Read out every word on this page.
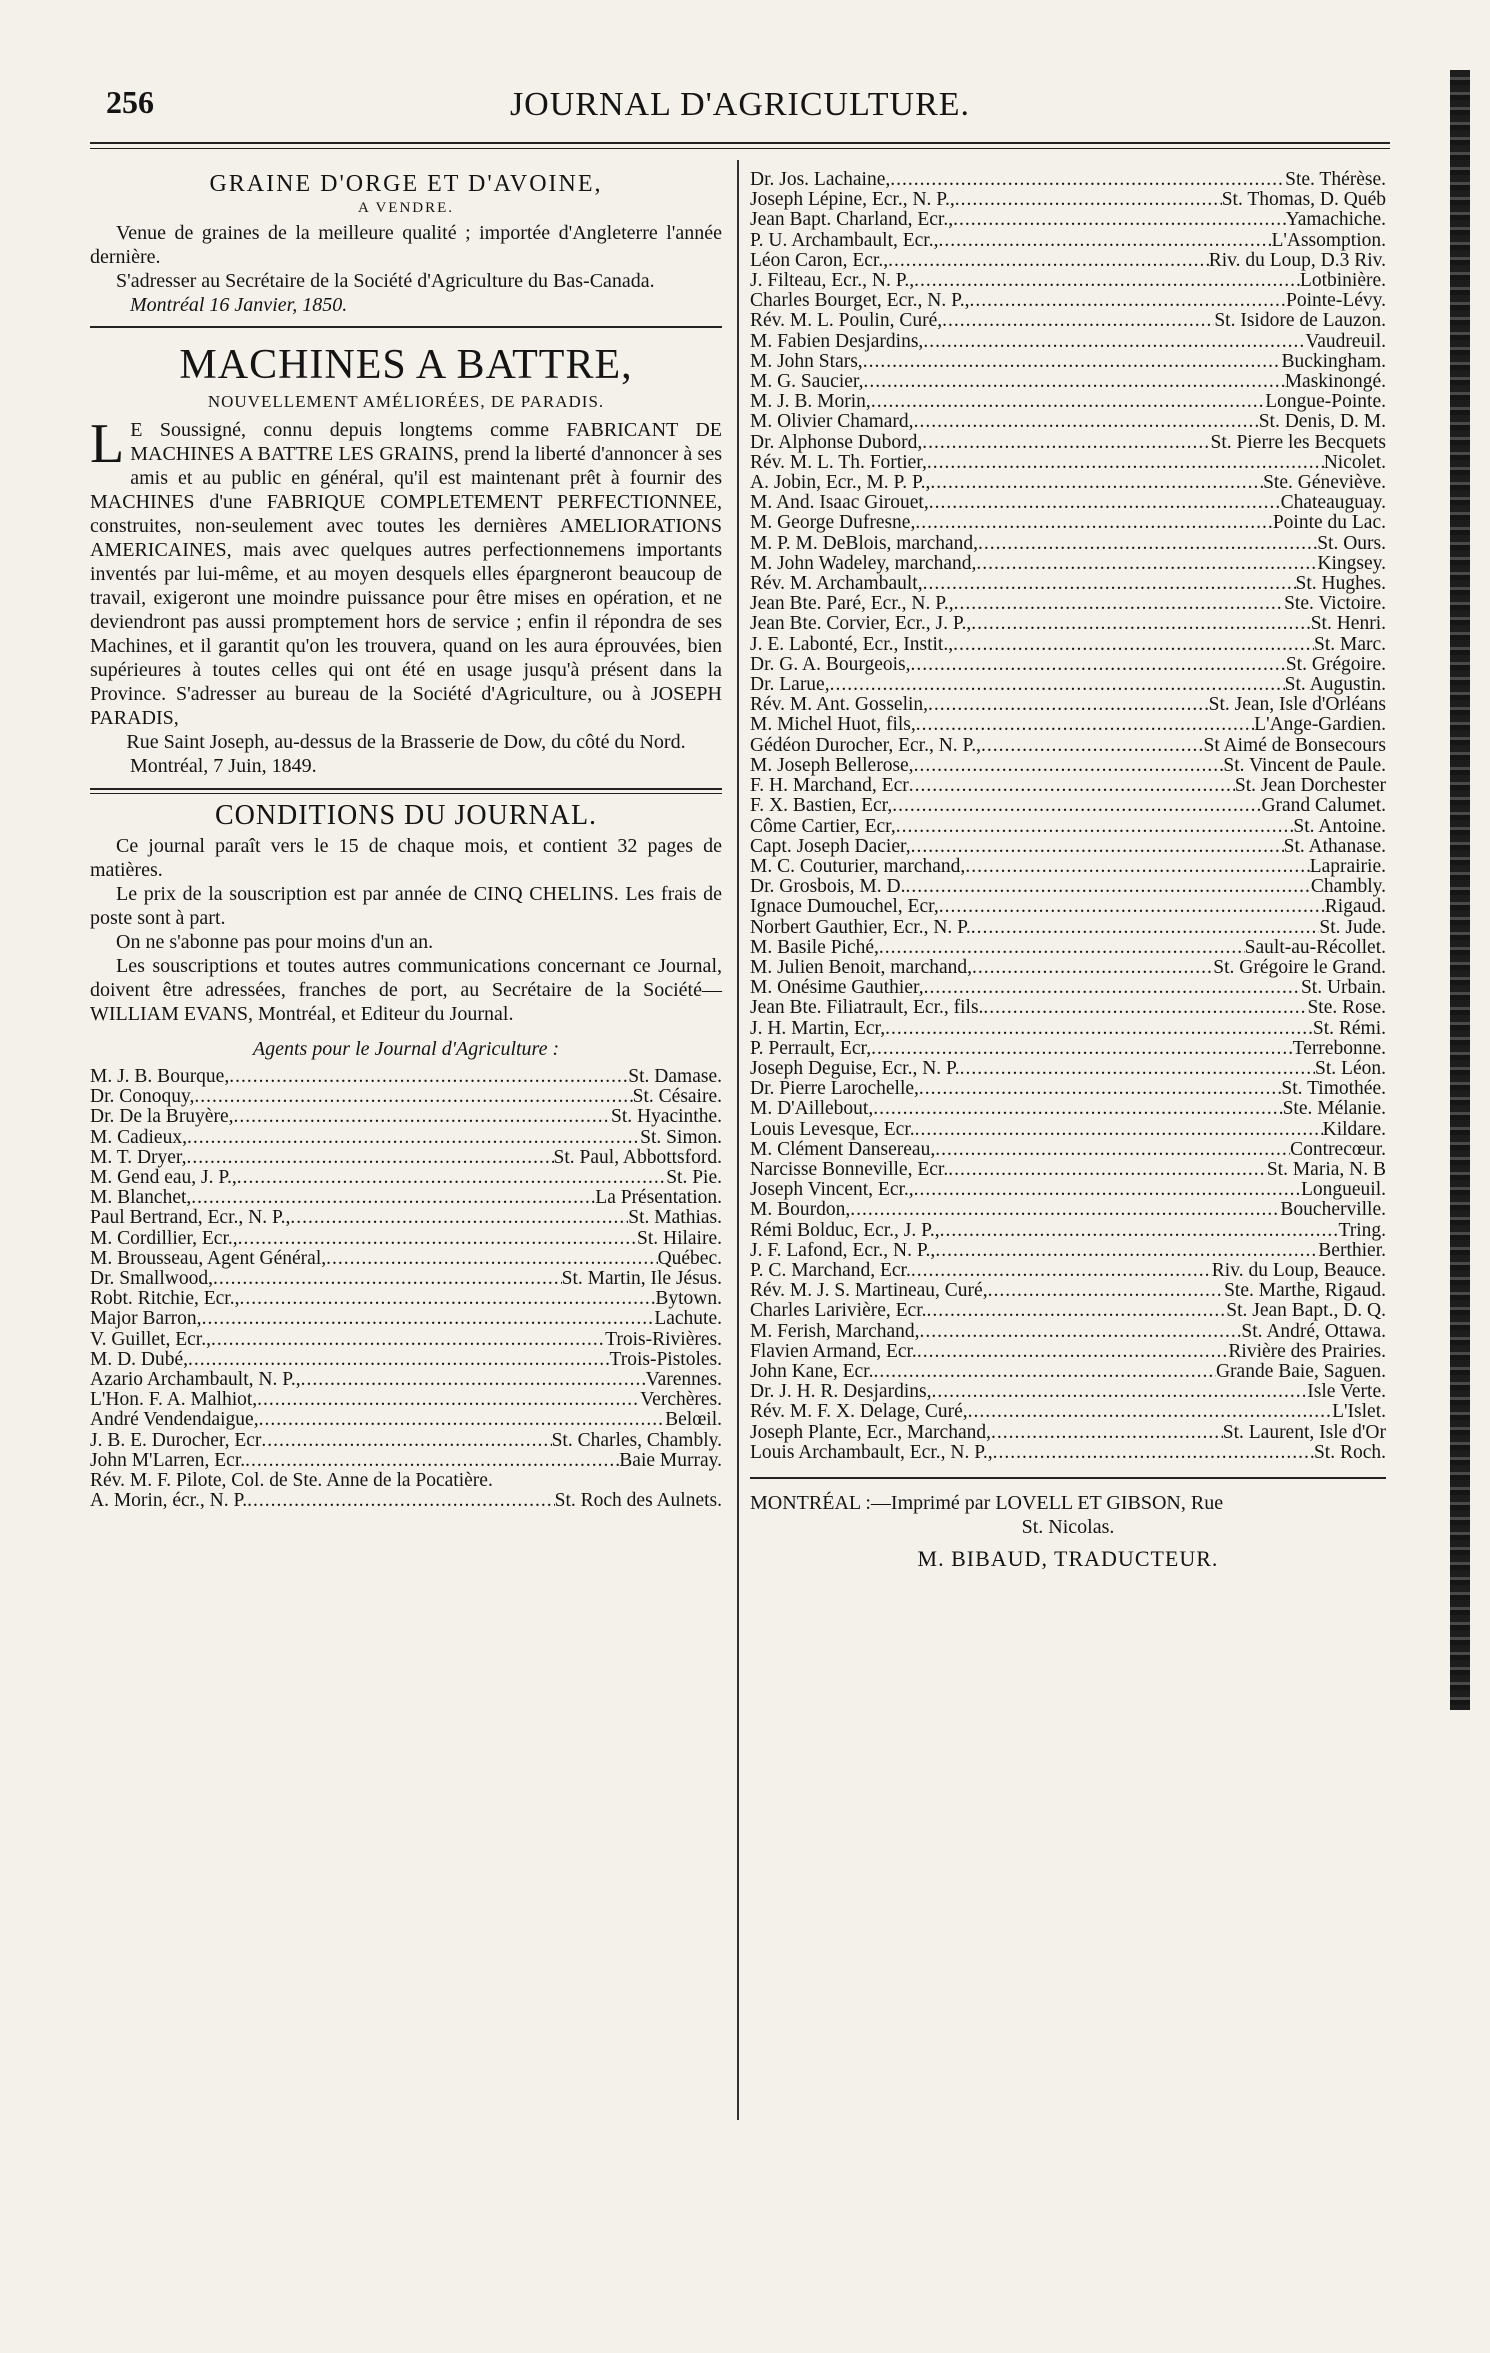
256	JOURNAL D'AGRICULTURE.
GRAINE D'ORGE ET D'AVOINE,
A VENDRE.

Venue de graines de la meilleure qualité ; importée d'Angleterre l'année dernière.

S'adresser au Secrétaire de la Société d'Agriculture du Bas-Canada.

Montréal 16 Janvier, 1850.
MACHINES A BATTRE,
NOUVELLEMENT AMÉLIORÉES, DE PARADIS.

L E Soussigné, connu depuis longtems comme FABRICANT DE MACHINES A BATTRE LES GRAINS, prend la liberté d'annoncer à ses amis et au public en général, qu'il est maintenant prêt à fournir des MACHINES d'une FABRIQUE COMPLETEMENT PERFECTIONNEE, construites, non-seulement avec toutes les dernières AMELIORATIONS AMERICAINES, mais avec quelques autres perfectionnemens importants inventés par lui-même, et au moyen desquels elles épargneront beaucoup de travail, exigeront une moindre puissance pour être mises en opération, et ne deviendront pas aussi promptement hors de service ; enfin il répondra de ses Machines, et il garantit qu'on les trouvera, quand on les aura éprouvées, bien supérieures à toutes celles qui ont été en usage jusqu'à présent dans la Province. S'adresser au bureau de la Société d'Agriculture, ou à JOSEPH PARADIS,

Rue Saint Joseph, au-dessus de la Brasserie de Dow, du côté du Nord.
Montréal, 7 Juin, 1849.
CONDITIONS DU JOURNAL.

Ce journal paraît vers le 15 de chaque mois, et contient 32 pages de matières.

Le prix de la souscription est par année de CINQ CHELINS. Les frais de poste sont à part.

On ne s'abonne pas pour moins d'un an.

Les souscriptions et toutes autres communications concernant ce Journal, doivent être adressées, franches de port, au Secrétaire de la Société—WILLIAM EVANS, Montréal, et Editeur du Journal.

Agents pour le Journal d'Agriculture :
M. J. B. Bourque, .....	St. Damase.
Dr. Conoquy, .....	St. Césaire.
Dr. De la Bruyère, .....	St. Hyacinthe.
M. Cadieux, .....	St. Simon.
M. T. Dryer, .....	St. Paul, Abbottsford.
M. Gend eau, J. P., .....	St. Pie.
M. Blanchet, .....	La Présentation.
Paul Bertrand, Ecr., N. P., .....	St. Mathias.
M. Cordillier, Ecr., .....	St. Hilaire.
M. Brousseau, Agent Général, .....	Québec.
Dr. Smallwood, .....	St. Martin, Ile Jésus.
Robt. Ritchie, Ecr., .....	Bytown.
Major Barron, .....	Lachute.
V. Guillet, Ecr., .....	Trois-Rivières.
M. D. Dubé, .....	Trois-Pistoles.
Azario Archambault, N. P., .....	Varennes.
L'Hon. F. A. Malhiot, .....	Verchères.
André Vendendaigue, .....	Belœil.
J. B. E. Durocher, Ecr .....	St. Charles, Chambly.
John M'Larren, Ecr. .....	Baie Murray.
Rév. M. F. Pilote, Col. de Ste. Anne de la Pocatière.
A. Morin, écr., N. P. .....	St. Roch des Aulnets.
Dr. Jos. Lachaine, .....	Ste. Thérèse.
Joseph Lépine, Ecr., N. P., .....	St. Thomas, D. Québ
Jean Bapt. Charland, Ecr., .....	Yamachiche.
P. U. Archambault, Ecr., .....	L'Assomption.
Léon Caron, Ecr., .....	Riv. du Loup, D.3 Riv.
J. Filteau, Ecr., N. P., .....	Lotbinière.
Charles Bourget, Ecr., N. P., .....	Pointe-Lévy.
Rév. M. L. Poulin, Curé, .....	St. Isidore de Lauzon.
M. Fabien Desjardins, .....	Vaudreuil.
M. John Stars, .....	Buckingham.
M. G. Saucier, .....	Maskinongé.
M. J. B. Morin, .....	Longue-Pointe.
M. Olivier Chamard, .....	St. Denis, D. M.
Dr. Alphonse Dubord, .....	St. Pierre les Becquets
Rév. M. L. Th. Fortier, .....	Nicolet.
A. Jobin, Ecr., M. P. P., .....	Ste. Géneviève.
M. And. Isaac Girouet, .....	Chateauguay.
M. George Dufresne, .....	Pointe du Lac.
M. P. M. DeBlois, marchand, .....	St. Ours.
M. John Wadeley, marchand, .....	Kingsey.
Rév. M. Archambault, .....	St. Hughes.
Jean Bte. Paré, Ecr., N. P., .....	Ste. Victoire.
Jean Bte. Corvier, Ecr., J. P., .....	St. Henri.
J. E. Labonté, Ecr., Instit., .....	St. Marc.
Dr. G. A. Bourgeois, .....	St. Grégoire.
Dr. Larue, .....	St. Augustin.
Rév. M. Ant. Gosselin, .....	St. Jean, Isle d'Orléans
M. Michel Huot, fils, .....	L'Ange-Gardien.
Gédéon Durocher, Ecr., N. P., .....	St Aimé de Bonsecours
M. Joseph Bellerose, .....	St. Vincent de Paule.
F. H. Marchand, Ecr .....	St. Jean Dorchester
F. X. Bastien, Ecr, .....	Grand Calumet.
Côme Cartier, Ecr, .....	St. Antoine.
Capt. Joseph Dacier, .....	St. Athanase.
M. C. Couturier, marchand, .....	Laprairie.
Dr. Grosbois, M. D. .....	Chambly.
Ignace Dumouchel, Ecr, .....	Rigaud.
Norbert Gauthier, Ecr., N. P. .....	St. Jude.
M. Basile Piché, .....	Sault-au-Récollet.
M. Julien Benoit, marchand, .....	St. Grégoire le Grand.
M. Onésime Gauthier, .....	St. Urbain.
Jean Bte. Filiatrault, Ecr., fils. .....	Ste. Rose.
J. H. Martin, Ecr, .....	St. Rémi.
P. Perrault, Ecr, .....	Terrebonne.
Joseph Deguise, Ecr., N. P. .....	St. Léon.
Dr. Pierre Larochelle, .....	St. Timothée.
M. D'Aillebout, .....	Ste. Mélanie.
Louis Levesque, Ecr. .....	Kildare.
M. Clément Dansereau, .....	Contrecœur.
Narcisse Bonneville, Ecr. .....	St. Maria, N. B
Joseph Vincent, Ecr., .....	Longueuil.
M. Bourdon, .....	Boucherville.
Rémi Bolduc, Ecr., J. P., .....	Tring.
J. F. Lafond, Ecr., N. P., .....	Berthier.
P. C. Marchand, Ecr. .....	Riv. du Loup, Beauce.
Rév. M. J. S. Martineau, Curé, .....	Ste. Marthe, Rigaud.
Charles Larivière, Ecr. .....	St. Jean Bapt., D. Q.
M. Ferish, Marchand, .....	St. André, Ottawa.
Flavien Armand, Ecr. .....	Rivière des Prairies.
John Kane, Ecr. .....	Grande Baie, Saguen.
Dr. J. H. R. Desjardins, .....	Isle Verte.
Rév. M. F. X. Delage, Curé, .....	L'Islet.
Joseph Plante, Ecr., Marchand, .....	St. Laurent, Isle d'Or
Louis Archambault, Ecr., N. P., .....	St. Roch.
MONTRÉAL :—Imprimé par LOVELL ET GIBSON, Rue
St. Nicolas.
M. BIBAUD, TRADUCTEUR.
